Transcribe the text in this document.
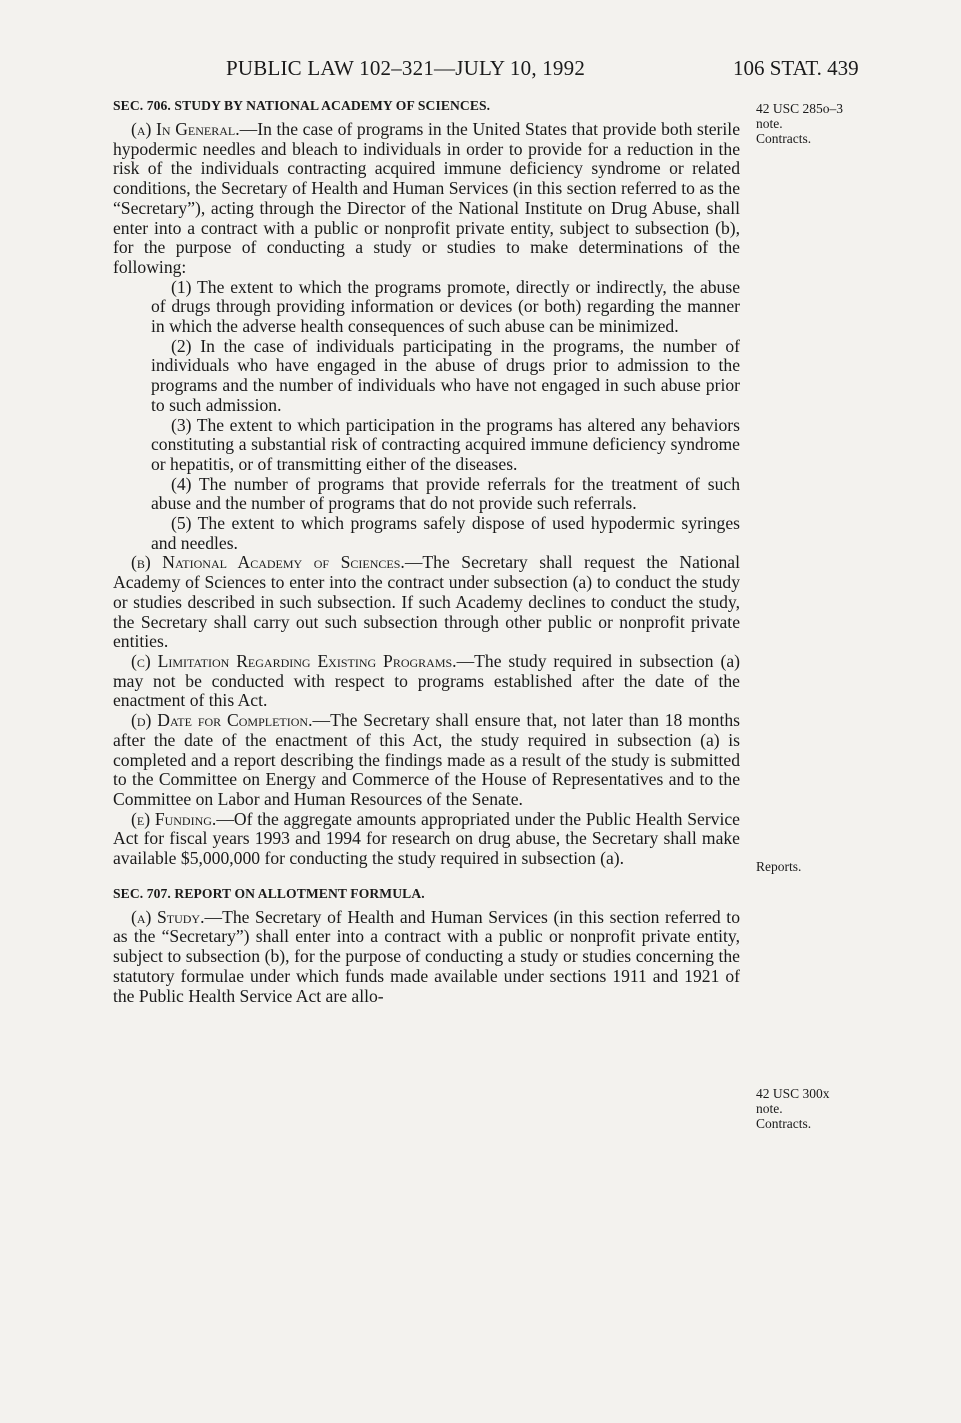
PUBLIC LAW 102–321—JULY 10, 1992	106 STAT. 439
SEC. 706. STUDY BY NATIONAL ACADEMY OF SCIENCES.

(a) In General.—In the case of programs in the United States that provide both sterile hypodermic needles and bleach to individuals in order to provide for a reduction in the risk of the individuals contracting acquired immune deficiency syndrome or related conditions, the Secretary of Health and Human Services (in this section referred to as the “Secretary”), acting through the Director of the National Institute on Drug Abuse, shall enter into a contract with a public or nonprofit private entity, subject to subsection (b), for the purpose of conducting a study or studies to make determinations of the following:

(1) The extent to which the programs promote, directly or indirectly, the abuse of drugs through providing information or devices (or both) regarding the manner in which the adverse health consequences of such abuse can be minimized.

(2) In the case of individuals participating in the programs, the number of individuals who have engaged in the abuse of drugs prior to admission to the programs and the number of individuals who have not engaged in such abuse prior to such admission.

(3) The extent to which participation in the programs has altered any behaviors constituting a substantial risk of contracting acquired immune deficiency syndrome or hepatitis, or of transmitting either of the diseases.

(4) The number of programs that provide referrals for the treatment of such abuse and the number of programs that do not provide such referrals.

(5) The extent to which programs safely dispose of used hypodermic syringes and needles.

(b) National Academy of Sciences.—The Secretary shall request the National Academy of Sciences to enter into the contract under subsection (a) to conduct the study or studies described in such subsection. If such Academy declines to conduct the study, the Secretary shall carry out such subsection through other public or nonprofit private entities.

(c) Limitation Regarding Existing Programs.—The study required in subsection (a) may not be conducted with respect to programs established after the date of the enactment of this Act.

(d) Date for Completion.—The Secretary shall ensure that, not later than 18 months after the date of the enactment of this Act, the study required in subsection (a) is completed and a report describing the findings made as a result of the study is submitted to the Committee on Energy and Commerce of the House of Representatives and to the Committee on Labor and Human Resources of the Senate.

(e) Funding.—Of the aggregate amounts appropriated under the Public Health Service Act for fiscal years 1993 and 1994 for research on drug abuse, the Secretary shall make available $5,000,000 for conducting the study required in subsection (a).

SEC. 707. REPORT ON ALLOTMENT FORMULA.

(a) Study.—The Secretary of Health and Human Services (in this section referred to as the “Secretary”) shall enter into a contract with a public or nonprofit private entity, subject to subsection (b), for the purpose of conducting a study or studies concerning the statutory formulae under which funds made available under sections 1911 and 1921 of the Public Health Service Act are allo-

42 USC 285o–3
note.
Contracts.
Reports.
42 USC 300x
note.
Contracts.
